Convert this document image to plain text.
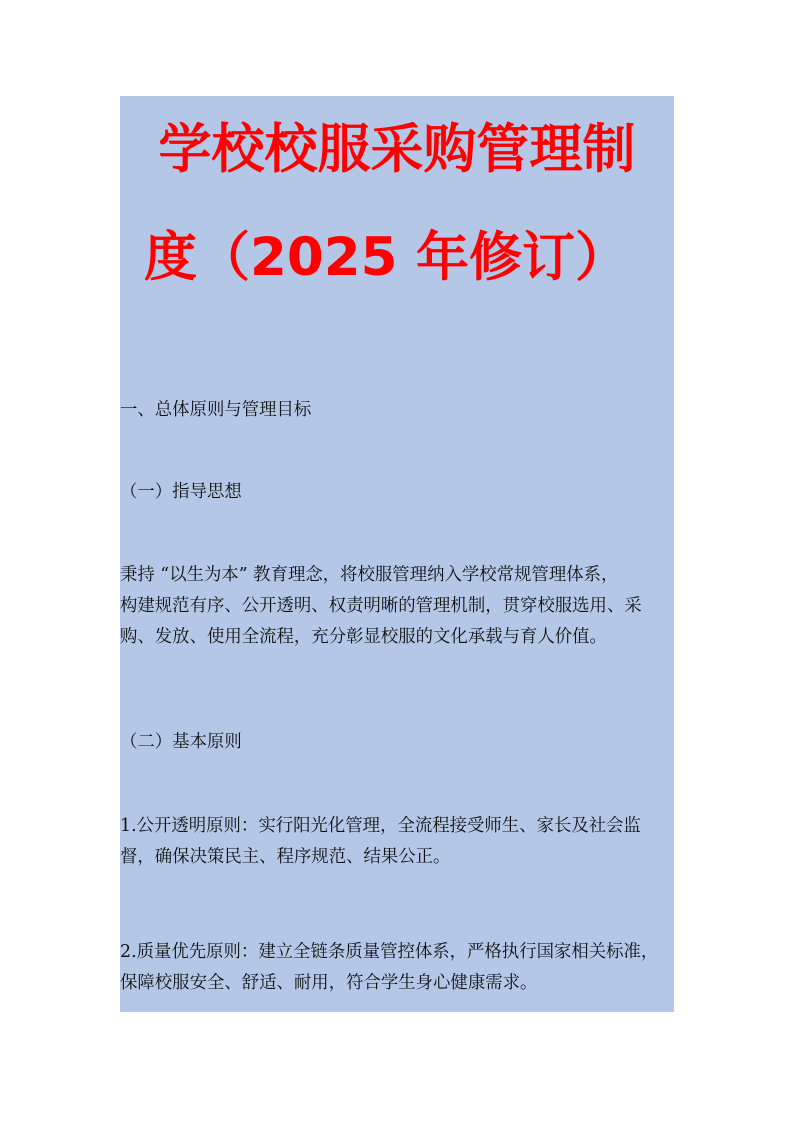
学校校服采购管理制
度（2025 年修订）
一、总体原则与管理目标
（一）指导思想
秉持 “以生为本” 教育理念，将校服管理纳入学校常规管理体系，
构建规范有序、公开透明、权责明晰的管理机制，贯穿校服选用、采
购、发放、使用全流程，充分彰显校服的文化承载与育人价值。
（二）基本原则
1.公开透明原则：实行阳光化管理，全流程接受师生、家长及社会监
督，确保决策民主、程序规范、结果公正。
2.质量优先原则：建立全链条质量管控体系，严格执行国家相关标准，
保障校服安全、舒适、耐用，符合学生身心健康需求。
